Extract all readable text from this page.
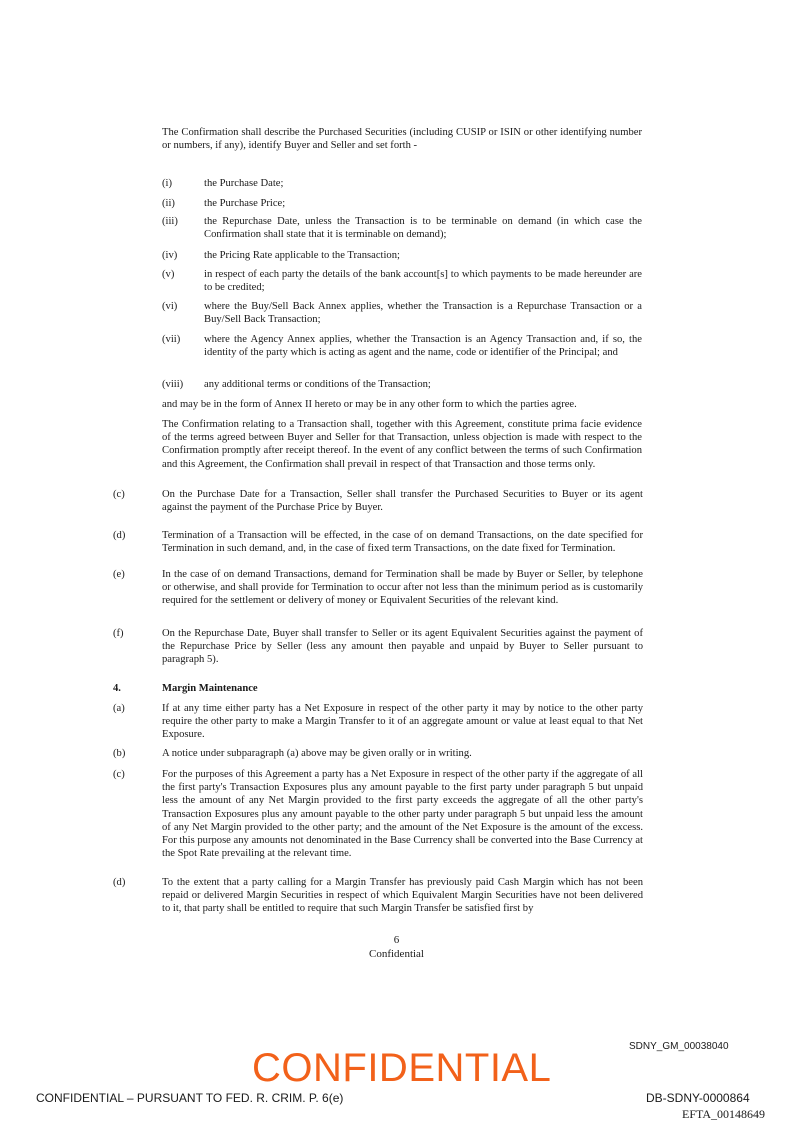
The Confirmation shall describe the Purchased Securities (including CUSIP or ISIN or other identifying number or numbers, if any), identify Buyer and Seller and set forth -
(i)	the Purchase Date;
(ii)	the Purchase Price;
(iii)	the Repurchase Date, unless the Transaction is to be terminable on demand (in which case the Confirmation shall state that it is terminable on demand);
(iv)	the Pricing Rate applicable to the Transaction;
(v)	in respect of each party the details of the bank account[s] to which payments to be made hereunder are to be credited;
(vi)	where the Buy/Sell Back Annex applies, whether the Transaction is a Repurchase Transaction or a Buy/Sell Back Transaction;
(vii)	where the Agency Annex applies, whether the Transaction is an Agency Transaction and, if so, the identity of the party which is acting as agent and the name, code or identifier of the Principal; and
(viii)	any additional terms or conditions of the Transaction;
and may be in the form of Annex II hereto or may be in any other form to which the parties agree.
The Confirmation relating to a Transaction shall, together with this Agreement, constitute prima facie evidence of the terms agreed between Buyer and Seller for that Transaction, unless objection is made with respect to the Confirmation promptly after receipt thereof. In the event of any conflict between the terms of such Confirmation and this Agreement, the Confirmation shall prevail in respect of that Transaction and those terms only.
(c)	On the Purchase Date for a Transaction, Seller shall transfer the Purchased Securities to Buyer or its agent against the payment of the Purchase Price by Buyer.
(d)	Termination of a Transaction will be effected, in the case of on demand Transactions, on the date specified for Termination in such demand, and, in the case of fixed term Transactions, on the date fixed for Termination.
(e)	In the case of on demand Transactions, demand for Termination shall be made by Buyer or Seller, by telephone or otherwise, and shall provide for Termination to occur after not less than the minimum period as is customarily required for the settlement or delivery of money or Equivalent Securities of the relevant kind.
(f)	On the Repurchase Date, Buyer shall transfer to Seller or its agent Equivalent Securities against the payment of the Repurchase Price by Seller (less any amount then payable and unpaid by Buyer to Seller pursuant to paragraph 5).
4.	Margin Maintenance
(a)	If at any time either party has a Net Exposure in respect of the other party it may by notice to the other party require the other party to make a Margin Transfer to it of an aggregate amount or value at least equal to that Net Exposure.
(b)	A notice under subparagraph (a) above may be given orally or in writing.
(c)	For the purposes of this Agreement a party has a Net Exposure in respect of the other party if the aggregate of all the first party's Transaction Exposures plus any amount payable to the first party under paragraph 5 but unpaid less the amount of any Net Margin provided to the first party exceeds the aggregate of all the other party's Transaction Exposures plus any amount payable to the other party under paragraph 5 but unpaid less the amount of any Net Margin provided to the other party; and the amount of the Net Exposure is the amount of the excess. For this purpose any amounts not denominated in the Base Currency shall be converted into the Base Currency at the Spot Rate prevailing at the relevant time.
(d)	To the extent that a party calling for a Margin Transfer has previously paid Cash Margin which has not been repaid or delivered Margin Securities in respect of which Equivalent Margin Securities have not been delivered to it, that party shall be entitled to require that such Margin Transfer be satisfied first by
6
Confidential
SDNY_GM_00038040
CONFIDENTIAL
CONFIDENTIAL – PURSUANT TO FED. R. CRIM. P. 6(e)	DB-SDNY-0000864
EFTA_00148649
